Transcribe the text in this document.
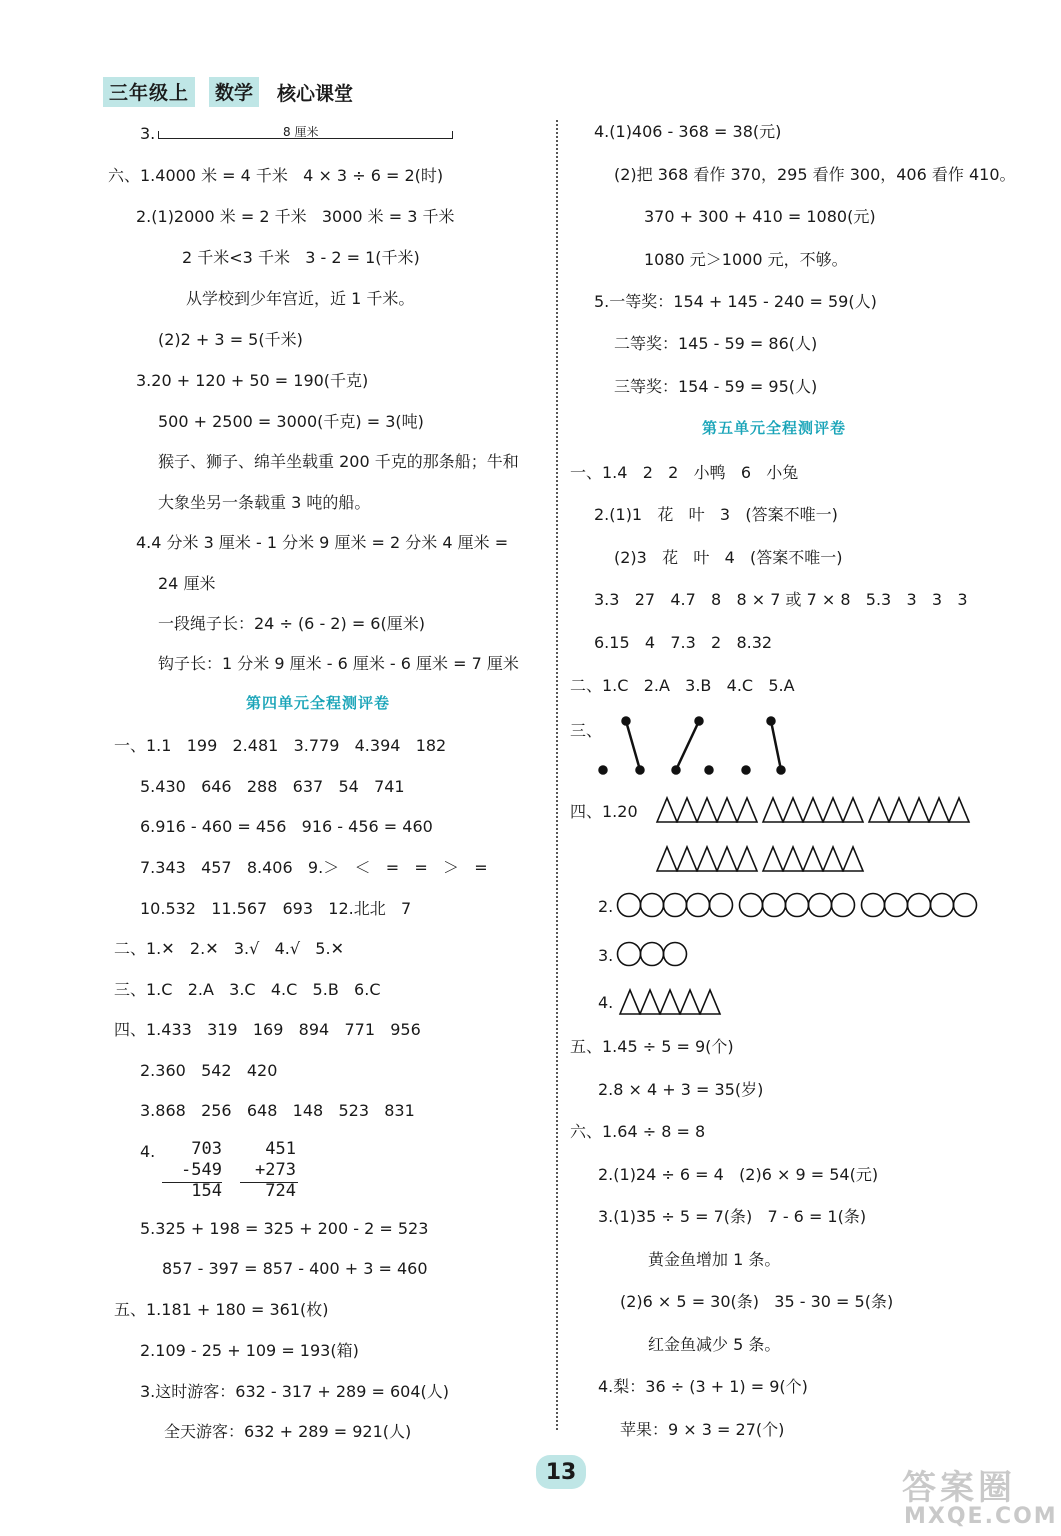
三年级上	数学	核心课堂
3.	8 厘米
六、1.4000 米 = 4 千米   4 × 3 ÷ 6 = 2(时)
2.(1)2000 米 = 2 千米   3000 米 = 3 千米
2 千米<3 千米   3 - 2 = 1(千米)
从学校到少年宫近，近 1 千米。
(2)2 + 3 = 5(千米)
3.20 + 120 + 50 = 190(千克)
500 + 2500 = 3000(千克) = 3(吨)
猴子、狮子、绵羊坐载重 200 千克的那条船；牛和
大象坐另一条载重 3 吨的船。
4.4 分米 3 厘米 - 1 分米 9 厘米 = 2 分米 4 厘米 =
24 厘米
一段绳子长：24 ÷ (6 - 2) = 6(厘米)
钩子长：1 分米 9 厘米 - 6 厘米 - 6 厘米 = 7 厘米
第四单元全程测评卷
一、1.1   199   2.481   3.779   4.394   182
5.430   646   288   637   54   741
6.916 - 460 = 456   916 - 456 = 460
7.343   457   8.406   9.＞   ＜   =   =   ＞   =
10.532   11.567   693   12.北北   7
二、1.✕   2.✕   3.√   4.√   5.✕
三、1.C   2.A   3.C   4.C   5.B   6.C
四、1.433   319   169   894   771   956
2.360   542   420
3.868   256   648   148   523   831
4.	703
-549
154
451
+273
724
5.325 + 198 = 325 + 200 - 2 = 523
857 - 397 = 857 - 400 + 3 = 460
五、1.181 + 180 = 361(枚)
2.109 - 25 + 109 = 193(箱)
3.这时游客：632 - 317 + 289 = 604(人)
全天游客：632 + 289 = 921(人)
4.(1)406 - 368 = 38(元)
(2)把 368 看作 370，295 看作 300，406 看作 410。
370 + 300 + 410 = 1080(元)
1080 元＞1000 元，不够。
5.一等奖：154 + 145 - 240 = 59(人)
二等奖：145 - 59 = 86(人)
三等奖：154 - 59 = 95(人)
第五单元全程测评卷
一、1.4   2   2   小鸭   6   小兔
2.(1)1   花   叶   3   (答案不唯一)
(2)3   花   叶   4   (答案不唯一)
3.3   27   4.7   8   8 × 7 或 7 × 8   5.3   3   3   3
6.15   4   7.3   2   8.32
二、1.C   2.A   3.B   4.C   5.A
三、
四、1.20
2.
3.
4.
五、1.45 ÷ 5 = 9(个)
2.8 × 4 + 3 = 35(岁)
六、1.64 ÷ 8 = 8
2.(1)24 ÷ 6 = 4   (2)6 × 9 = 54(元)
3.(1)35 ÷ 5 = 7(条)   7 - 6 = 1(条)
黄金鱼增加 1 条。
(2)6 × 5 = 30(条)   35 - 30 = 5(条)
红金鱼减少 5 条。
4.梨：36 ÷ (3 + 1) = 9(个)
苹果：9 × 3 = 27(个)
13	答案圈
MXQE.COM
